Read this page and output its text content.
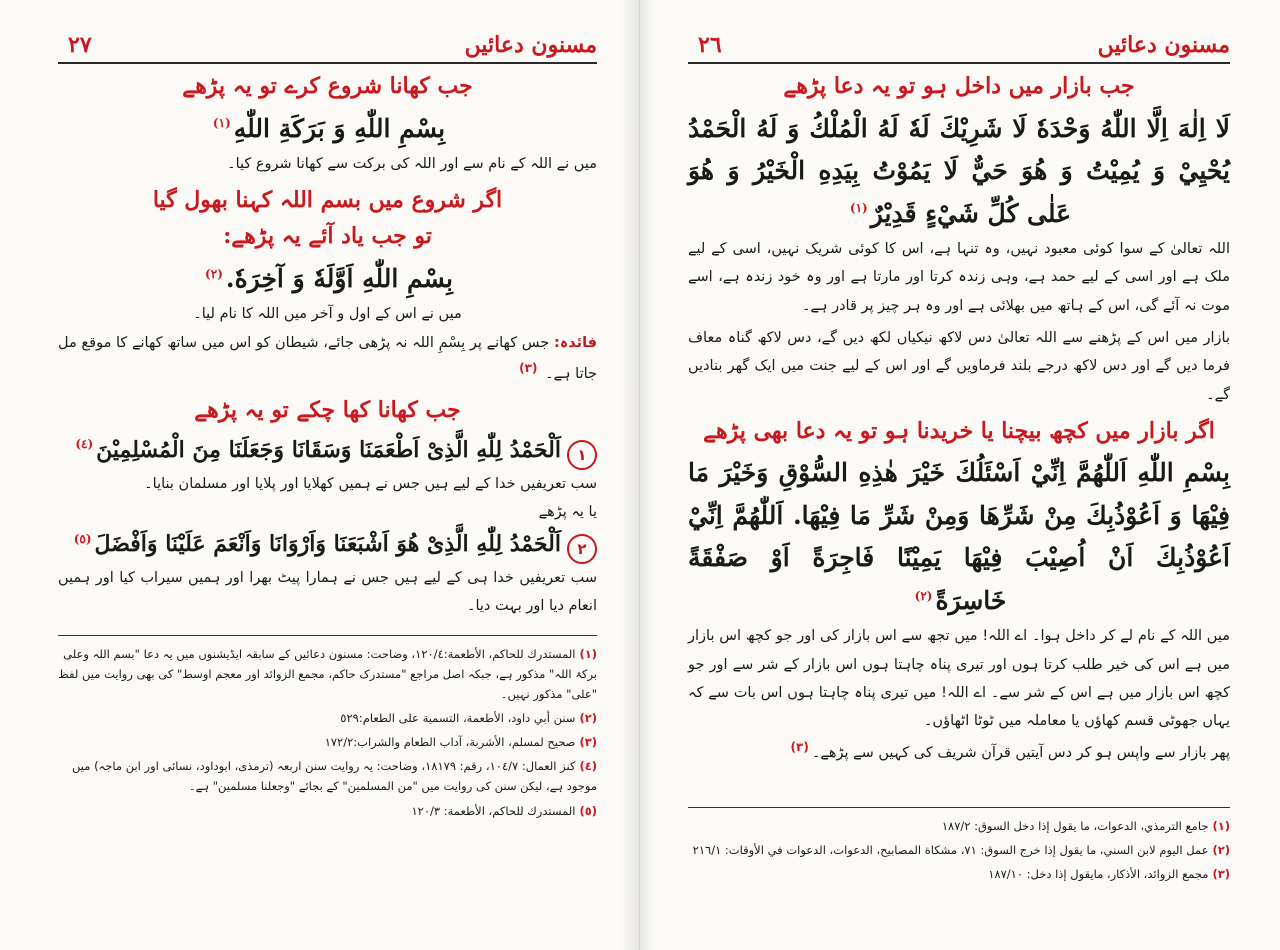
٢٧	مسنون دعائیں
جب کھانا شروع کرے تو یہ پڑھے
بِسْمِ اللّٰهِ وَ بَرَكَةِ اللّٰهِ$^{(١)}$
میں نے اللہ کے نام سے اور اللہ کی برکت سے کھانا شروع کیا۔
اگر شروع میں بسم اللہ کہنا بھول گیا
تو جب یاد آئے یہ پڑھے:
بِسْمِ اللّٰهِ اَوَّلَهٗ وَ آخِرَهٗ.$^{(٢)}$
میں نے اس کے اول و آخر میں اللہ کا نام لیا۔
فائدہ: جس کھانے پر بِسْمِ اللہ نہ پڑھی جائے، شیطان کو اس میں ساتھ کھانے کا موقع مل جاتا ہے۔ $^{(٣)}$
جب کھانا کھا چکے تو یہ پڑھے
١
اَلْحَمْدُ لِلّٰهِ الَّذِیْ اَطْعَمَنَا وَسَقَانَا وَجَعَلَنَا مِنَ الْمُسْلِمِيْنَ$^{(٤)}$
سب تعریفیں خدا کے لیے ہیں جس نے ہمیں کھلایا اور پلایا اور مسلمان بنایا۔
یا یہ پڑھے
٢
اَلْحَمْدُ لِلّٰهِ الَّذِیْ هُوَ اَشْبَعَنَا وَاَرْوَانَا وَاَنْعَمَ عَلَيْنَا وَاَفْضَلَ$^{(٥)}$
سب تعریفیں خدا ہی کے لیے ہیں جس نے ہمارا پیٹ بھرا اور ہمیں سیراب کیا اور ہمیں انعام دیا اور بہت دیا۔

(١)المستدرك للحاكم، الأطعمة:١٢٠/٤، وضاحت: مسنون دعائیں کے سابقہ ایڈیشنوں میں یہ دعا "بسم اللہ وعلی برکۃ اللہ" مذکور ہے، جبکہ اصل مراجع "مستدرک حاکم، مجمع الزوائد اور معجم اوسط" کی بھی روایت میں لفظ "علی" مذکور نہیں۔

(٢)سنن أبي داود، الأطعمة، التسمية على الطعام:٥٢٩

(٣)صحيح لمسلم، الأشربة، آداب الطعام والشراب:١٧٢/٢

(٤)كنز العمال: ١٠٤/٧، رقم: ١٨١٧٩، وضاحت: یہ روایت سنن اربعہ (ترمذی، ابوداود، نسائی اور ابن ماجہ) میں موجود ہے، لیکن سنن کی روایت میں "من المسلمين" کے بجائے "وجعلنا مسلمين" ہے۔

(٥)المستدرك للحاكم، الأطعمة: ١٢٠/٣

٢٦	مسنون دعائیں
جب بازار میں داخل ہو تو یہ دعا پڑھے
لَا اِلٰهَ اِلَّا اللّٰهُ وَحْدَهٗ لَا شَرِيْكَ لَهٗ لَهُ الْمُلْكُ وَ لَهُ الْحَمْدُ يُحْيِيْ وَ يُمِيْتُ وَ هُوَ حَيٌّ لَا يَمُوْتُ بِيَدِهِ الْخَيْرُ وَ هُوَ عَلٰى كُلِّ شَيْءٍ قَدِيْرٌ$^{(١)}$
اللہ تعالیٰ کے سوا کوئی معبود نہیں، وہ تنہا ہے، اس کا کوئی شریک نہیں، اسی کے لیے ملک ہے اور اسی کے لیے حمد ہے، وہی زندہ کرتا اور مارتا ہے اور وہ خود زندہ ہے، اسے موت نہ آئے گی، اس کے ہاتھ میں بھلائی ہے اور وہ ہر چیز پر قادر ہے۔
بازار میں اس کے پڑھنے سے اللہ تعالیٰ دس لاکھ نیکیاں لکھ دیں گے، دس لاکھ گناہ معاف فرما دیں گے اور دس لاکھ درجے بلند فرماویں گے اور اس کے لیے جنت میں ایک گھر بنادیں گے۔
اگر بازار میں کچھ بیچنا یا خریدنا ہو تو یہ دعا بھی پڑھے
بِسْمِ اللّٰهِ اَللّٰهُمَّ اِنِّيْ اَسْئَلُكَ خَيْرَ هٰذِهِ السُّوْقِ وَخَيْرَ مَا فِيْهَا وَ اَعُوْذُبِكَ مِنْ شَرِّهَا وَمِنْ شَرِّ مَا فِيْهَا. اَللّٰهُمَّ اِنِّيْ اَعُوْذُبِكَ اَنْ اُصِيْبَ فِيْهَا يَمِيْنًا فَاجِرَةً اَوْ صَفْقَةً خَاسِرَةً$^{(٢)}$
میں اللہ کے نام لے کر داخل ہوا۔ اے اللہ! میں تجھ سے اس بازار کی اور جو کچھ اس بازار میں ہے اس کی خیر طلب کرتا ہوں اور تیری پناہ چاہتا ہوں اس بازار کے شر سے اور جو کچھ اس بازار میں ہے اس کے شر سے۔ اے اللہ! میں تیری پناہ چاہتا ہوں اس بات سے کہ یہاں جھوٹی قسم کھاؤں یا معاملہ میں ٹوٹا اٹھاؤں۔
پھر بازار سے واپس ہو کر دس آیتیں قرآن شریف کی کہیں سے پڑھے۔$^{(٣)}$

(١)جامع الترمذي، الدعوات، ما يقول إذا دخل السوق: ١٨٧/٢

(٢)عمل اليوم لابن السني، ما يقول إذا خرج السوق: ٧١، مشكاة المصابيح، الدعوات، الدعوات في الأوقات: ٢١٦/١

(٣)مجمع الزوائد، الأذكار، مايقول إذا دخل: ١٨٧/١٠
